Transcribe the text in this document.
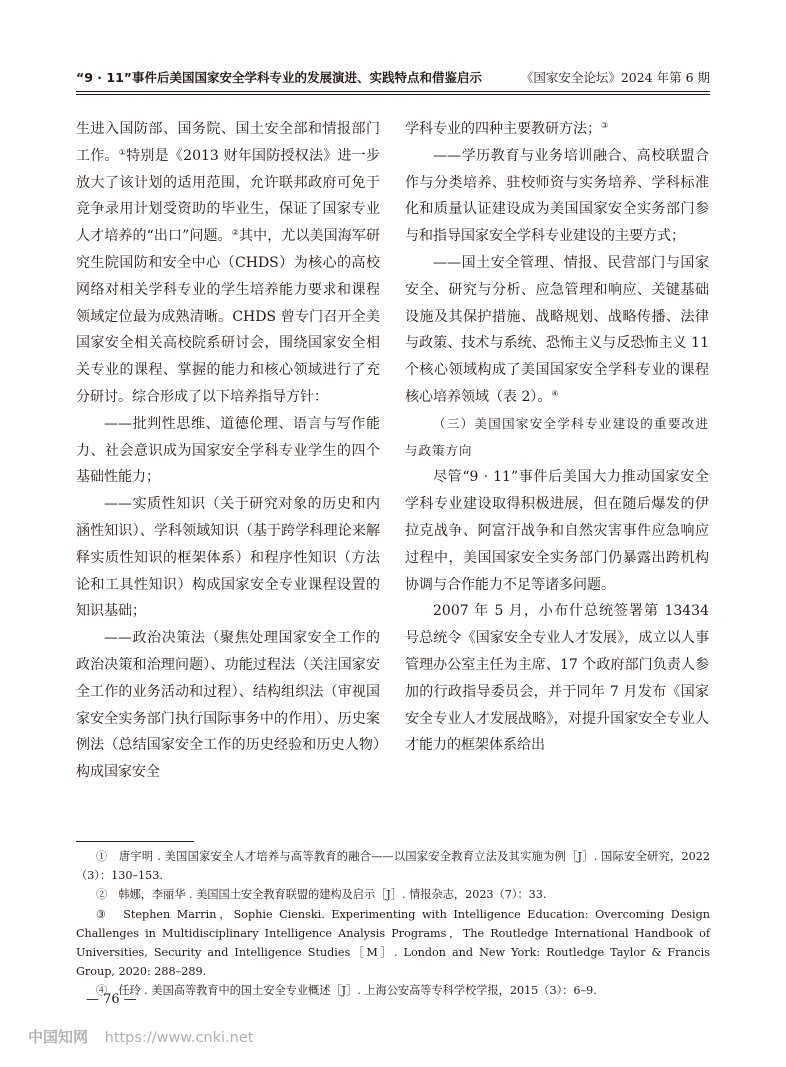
“9 · 11”事件后美国国家安全学科专业的发展演进、实践特点和借鉴启示	《国家安全论坛》2024 年第 6 期

生进入国防部、国务院、国土安全部和情报部门工作。①特别是《2013 财年国防授权法》进一步放大了该计划的适用范围，允许联邦政府可免于竞争录用计划受资助的毕业生，保证了国家专业人才培养的“出口”问题。②其中，尤以美国海军研究生院国防和安全中心（CHDS）为核心的高校网络对相关学科专业的学生培养能力要求和课程领域定位最为成熟清晰。CHDS 曾专门召开全美国家安全相关高校院系研讨会，围绕国家安全相关专业的课程、掌握的能力和核心领域进行了充分研讨。综合形成了以下培养指导方针：

——批判性思维、道德伦理、语言与写作能力、社会意识成为国家安全学科专业学生的四个基础性能力；

——实质性知识（关于研究对象的历史和内涵性知识）、学科领域知识（基于跨学科理论来解释实质性知识的框架体系）和程序性知识（方法论和工具性知识）构成国家安全专业课程设置的知识基础；

——政治决策法（聚焦处理国家安全工作的政治决策和治理问题）、功能过程法（关注国家安全工作的业务活动和过程）、结构组织法（审视国家安全实务部门执行国际事务中的作用）、历史案例法（总结国家安全工作的历史经验和历史人物）构成国家安全

学科专业的四种主要教研方法；③

——学历教育与业务培训融合、高校联盟合作与分类培养、驻校师资与实务培养、学科标准化和质量认证建设成为美国国家安全实务部门参与和指导国家安全学科专业建设的主要方式；

——国土安全管理、情报、民营部门与国家安全、研究与分析、应急管理和响应、关键基础设施及其保护措施、战略规划、战略传播、法律与政策、技术与系统、恐怖主义与反恐怖主义 11 个核心领域构成了美国国家安全学科专业的课程核心培养领域（表 2）。④

（三）美国国家安全学科专业建设的重要改进与政策方向

尽管“9 · 11”事件后美国大力推动国家安全学科专业建设取得积极进展，但在随后爆发的伊拉克战争、阿富汗战争和自然灾害事件应急响应过程中，美国国家安全实务部门仍暴露出跨机构协调与合作能力不足等诸多问题。

2007 年 5 月，小布什总统签署第 13434 号总统令《国家安全专业人才发展》，成立以人事管理办公室主任为主席、17 个政府部门负责人参加的行政指导委员会，并于同年 7 月发布《国家安全专业人才发展战略》，对提升国家安全专业人才能力的框架体系给出

①　唐宇明 . 美国国家安全人才培养与高等教育的融合——以国家安全教育立法及其实施为例［J］. 国际安全研究，2022（3）：130–153.

②　韩娜，李丽华 . 美国国土安全教育联盟的建构及启示［J］. 情报杂志，2023（7）：33.

③　Stephen Marrin，Sophie Cienski. Experimenting with Intelligence Education: Overcoming Design Challenges in Multidisciplinary Intelligence Analysis Programs，The Routledge International Handbook of Universities, Security and Intelligence Studies［M］. London and New York: Routledge Taylor & Francis Group, 2020: 288–289.

④　任玲 . 美国高等教育中的国土安全专业概述［J］. 上海公安高等专科学校学报，2015（3）：6–9.

— 76 —
中国知网 https://www.cnki.net
